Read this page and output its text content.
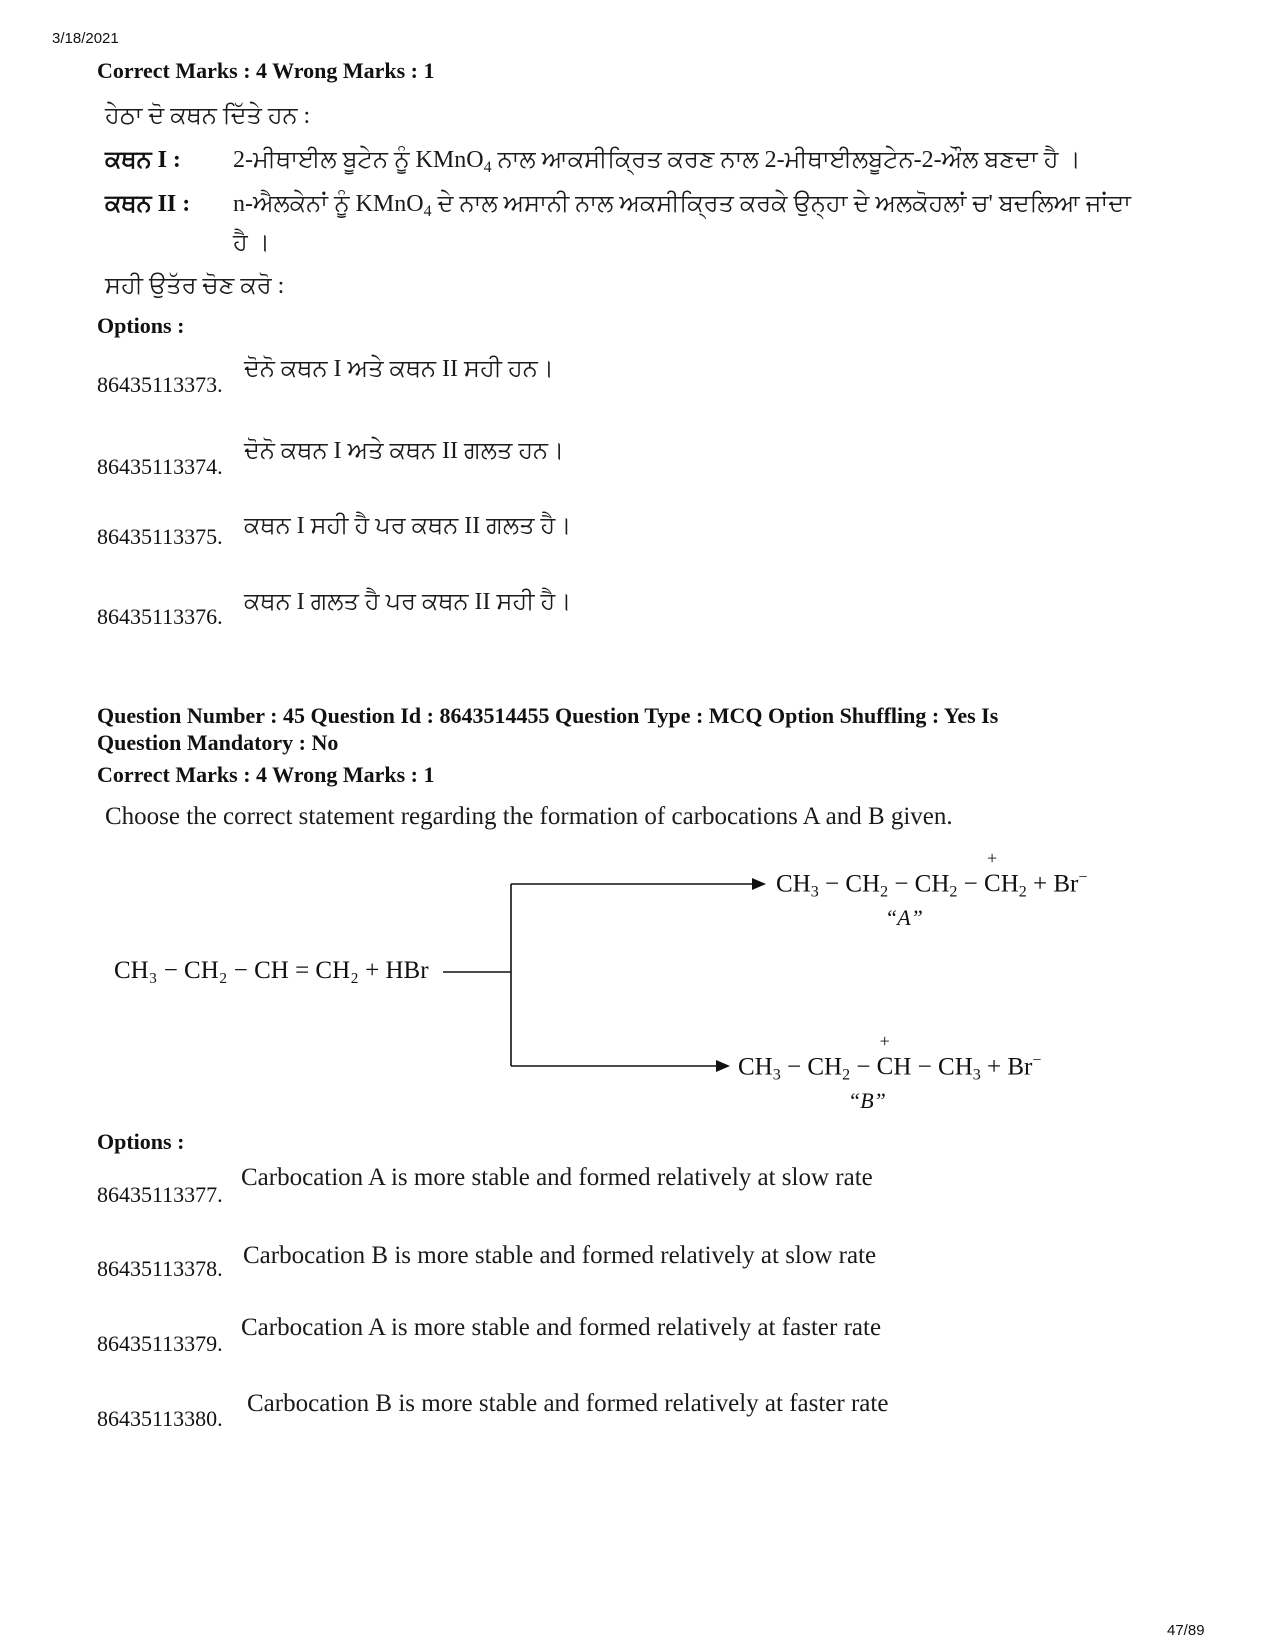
3/18/2021
Correct Marks : 4 Wrong Marks : 1
ਹੇਠਾ ਦੋ ਕਥਨ ਦਿੱਤੇ ਹਨ :
ਕਥਨ I : 2-ਮੀਥਾਈਲ ਬੂਟੇਨ ਨੂੰ KMnO$_4$ ਨਾਲ ਆਕਸੀਕ੍ਰਿਤ ਕਰਣ ਨਾਲ 2-ਮੀਥਾਈਲਬੂਟੇਨ-2-ਔਲ ਬਣਦਾ ਹੈ ।
ਕਥਨ II : n-ਐਲਕੇਨਾਂ ਨੂੰ KMnO$_4$ ਦੇ ਨਾਲ ਅਸਾਨੀ ਨਾਲ ਅਕਸੀਕ੍ਰਿਤ ਕਰਕੇ ਉਨ੍ਹਾ ਦੇ ਅਲਕੋਹਲਾਂ ਚ' ਬਦਲਿਆ ਜਾਂਦਾ
ਹੈ ।
ਸਹੀ ਉਤੱਰ ਚੋਣ ਕਰੋ :
Options :
86435113373.
ਦੋਨੋ ਕਥਨ I ਅਤੇ ਕਥਨ II ਸਹੀ ਹਨ।
86435113374.
ਦੋਨੋ ਕਥਨ I ਅਤੇ ਕਥਨ II ਗਲਤ ਹਨ।
86435113375. ਕਥਨ I ਸਹੀ ਹੈ ਪਰ ਕਥਨ II ਗਲਤ ਹੈ।
86435113376.
ਕਥਨ I ਗਲਤ ਹੈ ਪਰ ਕਥਨ II ਸਹੀ ਹੈ।
Question Number : 45 Question Id : 8643514455 Question Type : MCQ Option Shuffling : Yes Is
Question Mandatory : No
Correct Marks : 4 Wrong Marks : 1
Choose the correct statement regarding the formation of carbocations A and B given.
CH₃ − CH₂ − CH = CH₂ + HBr
$CH_3 - CH_2 - CH_2 - C$
+
$H_2 + Br^-$
“A”
$CH_3 - CH_2 - C$
+
$H - CH_3 + Br^-$
“B”
Options :
86435113377.
Carbocation A is more stable and formed relatively at slow rate
86435113378. Carbocation B is more stable and formed relatively at slow rate
86435113379.
Carbocation A is more stable and formed relatively at faster rate
86435113380.
Carbocation B is more stable and formed relatively at faster rate
47/89
